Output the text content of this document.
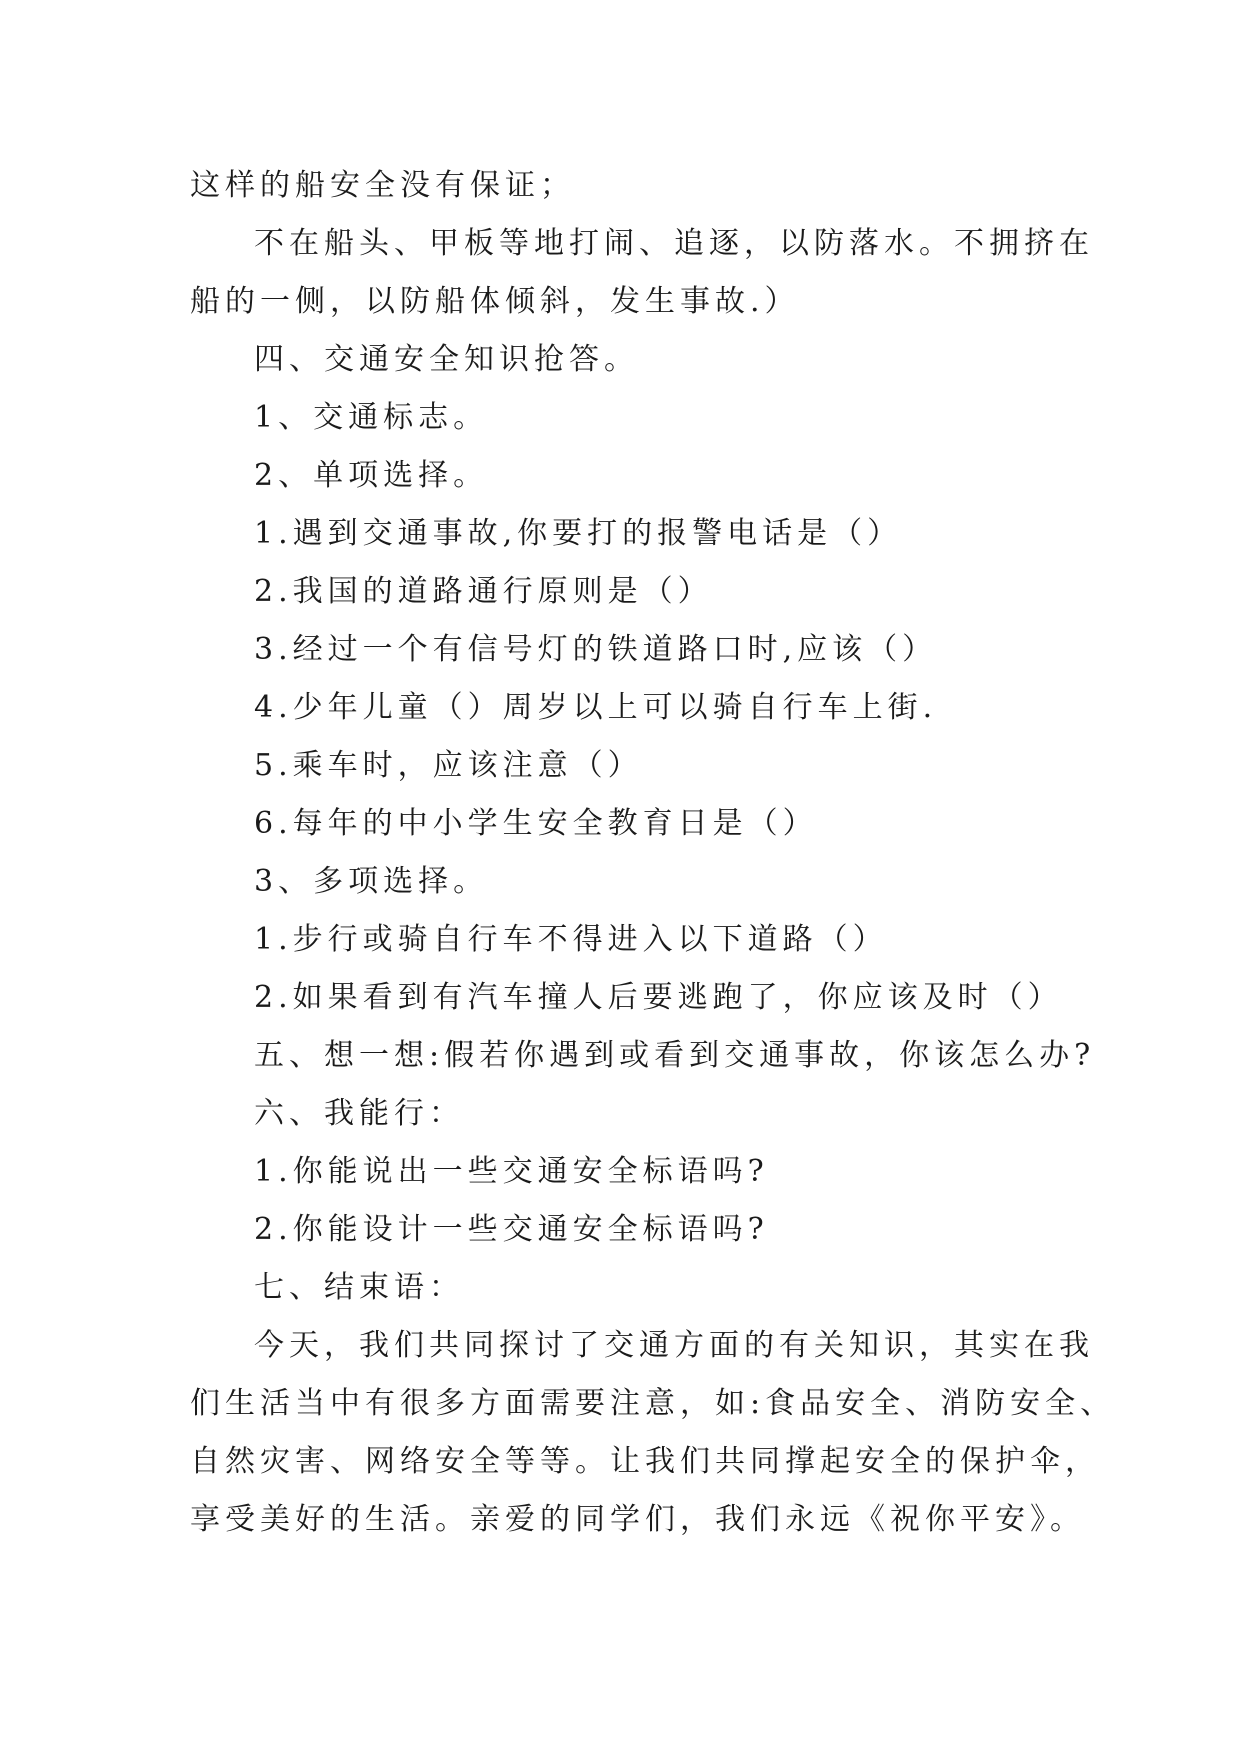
这样的船安全没有保证；
不在船头、甲板等地打闹、追逐，以防落水。不拥挤在
船的一侧，以防船体倾斜，发生事故.）
四、交通安全知识抢答。
1、交通标志。
2、单项选择。
1.遇到交通事故,你要打的报警电话是（）
2.我国的道路通行原则是（）
3.经过一个有信号灯的铁道路口时,应该（）
4.少年儿童（）周岁以上可以骑自行车上街.
5.乘车时，应该注意（）
6.每年的中小学生安全教育日是（）
3、多项选择。
1.步行或骑自行车不得进入以下道路（）
2.如果看到有汽车撞人后要逃跑了，你应该及时（）
五、想一想:假若你遇到或看到交通事故，你该怎么办?
六、我能行：
1.你能说出一些交通安全标语吗?
2.你能设计一些交通安全标语吗?
七、结束语：
今天，我们共同探讨了交通方面的有关知识，其实在我
们生活当中有很多方面需要注意，如:食品安全、消防安全、
自然灾害、网络安全等等。让我们共同撑起安全的保护伞，
享受美好的生活。亲爱的同学们，我们永远《祝你平安》。
